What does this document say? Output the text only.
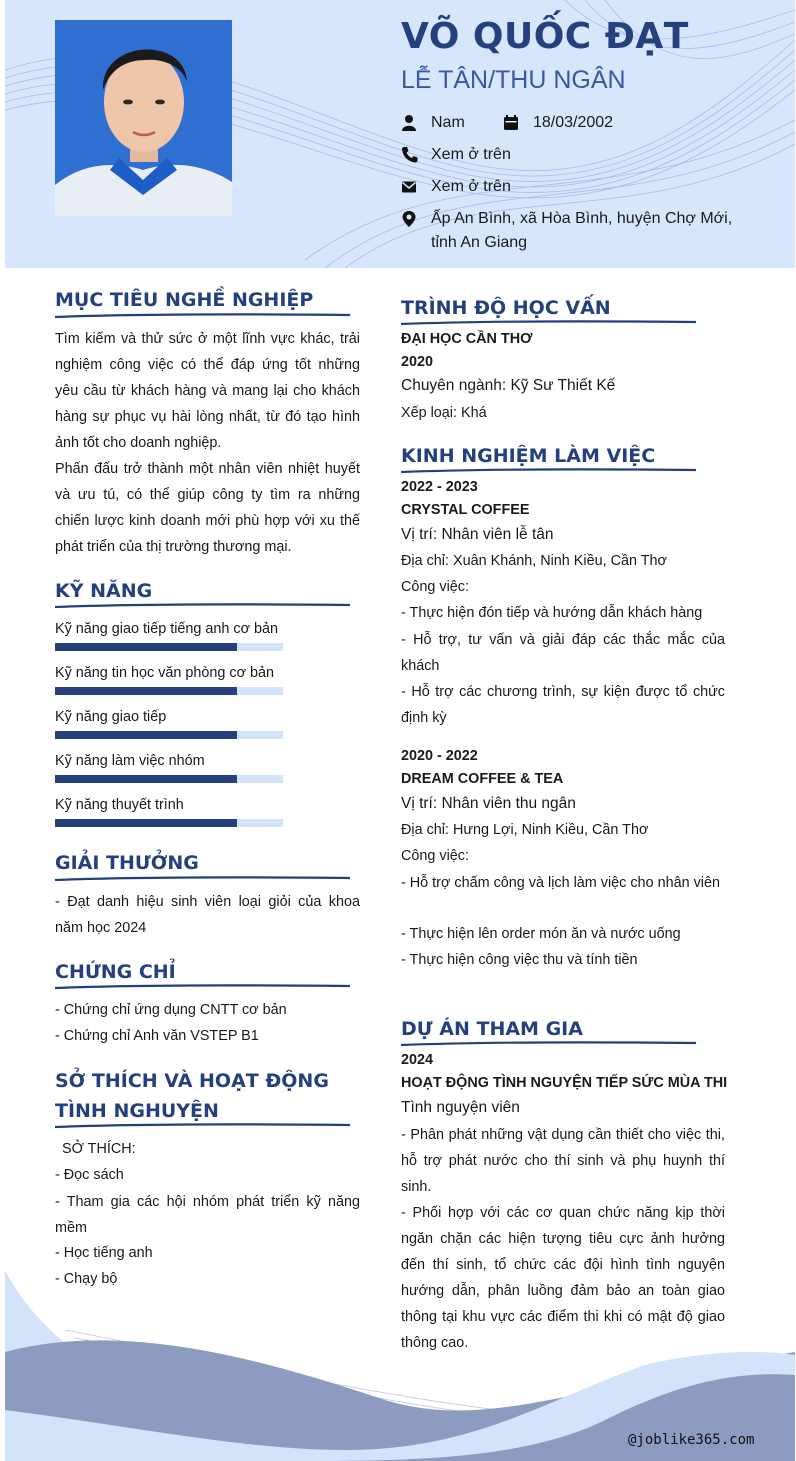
VÕ QUỐC ĐẠT
LỄ TÂN/THU NGÂN
Nam	18/03/2002
Xem ở trên
Xem ở trên
Ấp An Bình, xã Hòa Bình, huyện Chợ Mới,
tỉnh An Giang
@joblike365.com
MỤC TIÊU NGHỀ NGHIỆP
Tìm kiếm và thử sức ở một lĩnh vực khác, trải nghiệm công việc có thể đáp ứng tốt những yêu cầu từ khách hàng và mang lại cho khách hàng sự phục vụ hài lòng nhất, từ đó tạo hình ảnh tốt cho doanh nghiệp.
Phấn đấu trở thành một nhân viên nhiệt huyết và ưu tú, có thể giúp công ty tìm ra những chiến lược kinh doanh mới phù hợp với xu thế phát triển của thị trường thương mại.
KỸ NĂNG
Kỹ năng giao tiếp tiếng anh cơ bản
Kỹ năng tin học văn phòng cơ bản
Kỹ năng giao tiếp
Kỹ năng làm việc nhóm
Kỹ năng thuyết trình
GIẢI THƯỞNG
- Đạt danh hiệu sinh viên loại giỏi của khoa năm học 2024
CHỨNG CHỈ
- Chứng chỉ ứng dụng CNTT cơ bản
- Chứng chỉ Anh văn VSTEP B1
SỞ THÍCH VÀ HOẠT ĐỘNG
TÌNH NGHUYỆN
SỞ THÍCH:
- Đọc sách
- Tham gia các hội nhóm phát triển kỹ năng mềm
- Học tiếng anh
- Chạy bộ
TRÌNH ĐỘ HỌC VẤN
ĐẠI HỌC CẦN THƠ
2020
Chuyên ngành: Kỹ Sư Thiết Kế
Xếp loại: Khá
KINH NGHIỆM LÀM VIỆC
2022 - 2023
CRYSTAL COFFEE
Vị trí: Nhân viên lễ tân
Địa chỉ: Xuân Khánh, Ninh Kiều, Cần Thơ
Công việc:
- Thực hiện đón tiếp và hướng dẫn khách hàng
- Hỗ trợ, tư vấn và giải đáp các thắc mắc của khách
- Hỗ trợ các chương trình, sự kiện được tổ chức định kỳ
2020 - 2022
DREAM COFFEE & TEA
Vị trí: Nhân viên thu ngân
Địa chỉ: Hưng Lợi, Ninh Kiều, Cần Thơ
Công việc:
- Hỗ trợ chấm công và lịch làm việc cho nhân viên
- Thực hiện lên order món ăn và nước uống
- Thực hiện công việc thu và tính tiền
DỰ ÁN THAM GIA
2024
HOẠT ĐỘNG TÌNH NGUYỆN TIẾP SỨC MÙA THI
Tình nguyện viên
- Phân phát những vật dụng cần thiết cho việc thi, hỗ trợ phát nước cho thí sinh và phụ huynh thí sinh.
- Phối hợp với các cơ quan chức năng kịp thời ngăn chặn các hiện tượng tiêu cực ảnh hưởng đến thí sinh, tổ chức các đội hình tình nguyện hướng dẫn, phân luồng đảm bảo an toàn giao thông tại khu vực các điểm thi khi có mật độ giao thông cao.
